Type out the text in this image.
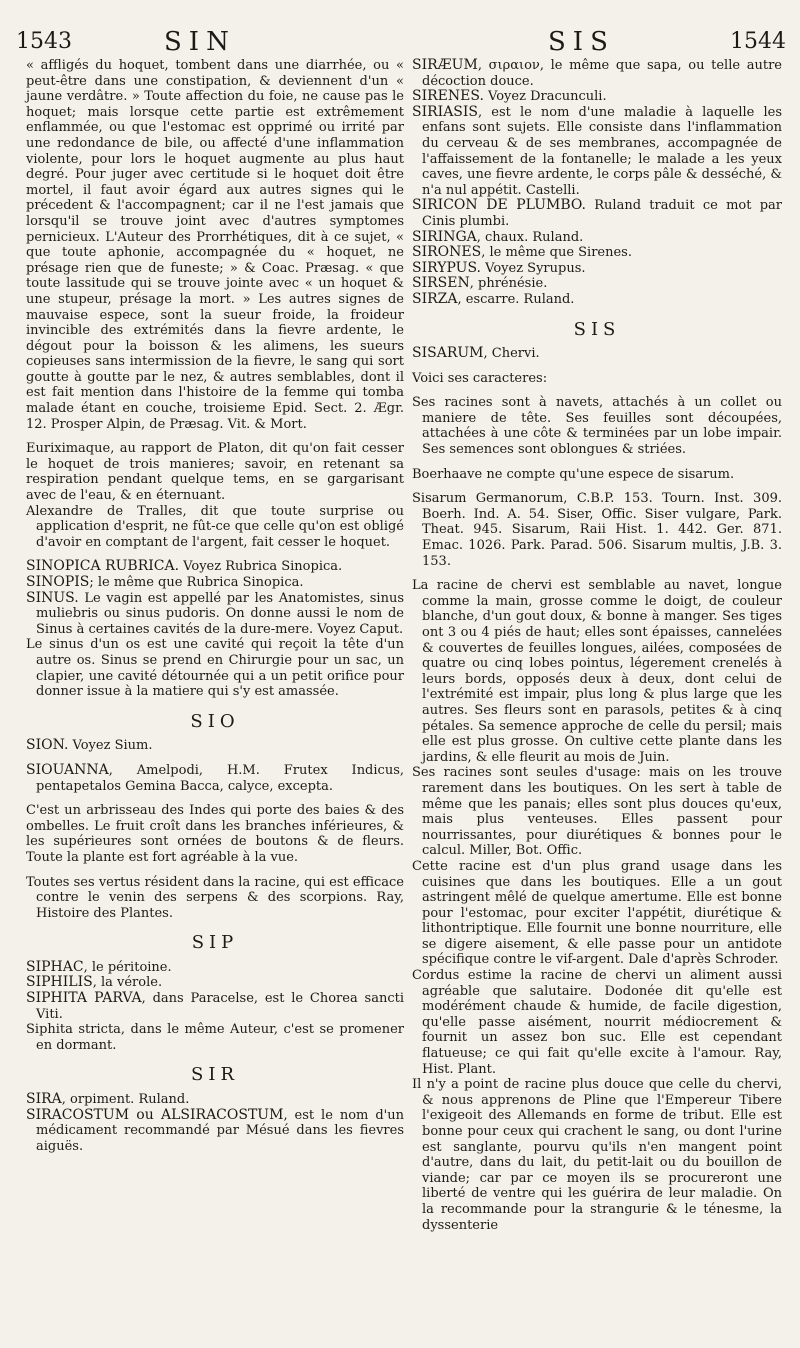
1543	SIN	SIS	1544

« affligés du hoquet, tombent dans une diarrhée, ou « peut-être dans une constipation, & deviennent d'un « jaune verdâtre. » Toute affection du foie, ne cause pas le hoquet; mais lorsque cette partie est extrêmement enflammée, ou que l'estomac est opprimé ou irrité par une redondance de bile, ou affecté d'une inflammation violente, pour lors le hoquet augmente au plus haut degré. Pour juger avec certitude si le hoquet doit être mortel, il faut avoir égard aux autres signes qui le précedent & l'accompagnent; car il ne l'est jamais que lorsqu'il se trouve joint avec d'autres symptomes pernicieux. L'Auteur des Prorrhétiques, dit à ce sujet, « que toute aphonie, accompagnée du « hoquet, ne présage rien que de funeste; » & Coac. Præsag. « que toute lassitude qui se trouve jointe avec « un hoquet & une stupeur, présage la mort. » Les autres signes de mauvaise espece, sont la sueur froide, la froideur invincible des extrémités dans la fievre ardente, le dégout pour la boisson & les alimens, les sueurs copieuses sans intermission de la fievre, le sang qui sort goutte à goutte par le nez, & autres semblables, dont il est fait mention dans l'histoire de la femme qui tomba malade étant en couche, troisieme Epid. Sect. 2. Ægr. 12. Prosper Alpin, de Præsag. Vit. & Mort.

Euriximaque, au rapport de Platon, dit qu'on fait cesser le hoquet de trois manieres; savoir, en retenant sa respiration pendant quelque tems, en se gargarisant avec de l'eau, & en éternuant.

Alexandre de Tralles, dit que toute surprise ou application d'esprit, ne fût-ce que celle qu'on est obligé d'avoir en comptant de l'argent, fait cesser le hoquet.

SINOPICA RUBRICA. Voyez Rubrica Sinopica.

SINOPIS; le même que Rubrica Sinopica.

SINUS. Le vagin est appellé par les Anatomistes, sinus muliebris ou sinus pudoris. On donne aussi le nom de Sinus à certaines cavités de la dure-mere. Voyez Caput.

Le sinus d'un os est une cavité qui reçoit la tête d'un autre os. Sinus se prend en Chirurgie pour un sac, un clapier, une cavité détournée qui a un petit orifice pour donner issue à la matiere qui s'y est amassée.

SIO

SION. Voyez Sium.

SIOUANNA, Amelpodi, H.M. Frutex Indicus, pentapetalos Gemina Bacca, calyce, excepta.

C'est un arbrisseau des Indes qui porte des baies & des ombelles. Le fruit croît dans les branches inférieures, & les supérieures sont ornées de boutons & de fleurs. Toute la plante est fort agréable à la vue.

Toutes ses vertus résident dans la racine, qui est efficace contre le venin des serpens & des scorpions. Ray, Histoire des Plantes.

SIP

SIPHAC, le péritoine.

SIPHILIS, la vérole.

SIPHITA PARVA, dans Paracelse, est le Chorea sancti Viti.

Siphita stricta, dans le même Auteur, c'est se promener en dormant.

SIR

SIRA, orpiment. Ruland.

SIRACOSTUM ou ALSIRACOSTUM, est le nom d'un médicament recommandé par Mésué dans les fievres aiguës.

SIRÆUM, σιραιον, le même que sapa, ou telle autre décoction douce.

SIRENES. Voyez Dracunculi.

SIRIASIS, est le nom d'une maladie à laquelle les enfans sont sujets. Elle consiste dans l'inflammation du cerveau & de ses membranes, accompagnée de l'affaissement de la fontanelle; le malade a les yeux caves, une fievre ardente, le corps pâle & desséché, & n'a nul appétit. Castelli.

SIRICON DE PLUMBO. Ruland traduit ce mot par Cinis plumbi.

SIRINGA, chaux. Ruland.

SIRONES, le même que Sirenes.

SIRYPUS. Voyez Syrupus.

SIRSEN, phrénésie.

SIRZA, escarre. Ruland.

SIS

SISARUM, Chervi.

Voici ses caracteres:

Ses racines sont à navets, attachés à un collet ou maniere de tête. Ses feuilles sont découpées, attachées à une côte & terminées par un lobe impair. Ses semences sont oblongues & striées.

Boerhaave ne compte qu'une espece de sisarum.

Sisarum Germanorum, C.B.P. 153. Tourn. Inst. 309. Boerh. Ind. A. 54. Siser, Offic. Siser vulgare, Park. Theat. 945. Sisarum, Raii Hist. 1. 442. Ger. 871. Emac. 1026. Park. Parad. 506. Sisarum multis, J.B. 3. 153.

La racine de chervi est semblable au navet, longue comme la main, grosse comme le doigt, de couleur blanche, d'un gout doux, & bonne à manger. Ses tiges ont 3 ou 4 piés de haut; elles sont épaisses, cannelées & couvertes de feuilles longues, ailées, composées de quatre ou cinq lobes pointus, légerement crenelés à leurs bords, opposés deux à deux, dont celui de l'extrémité est impair, plus long & plus large que les autres. Ses fleurs sont en parasols, petites & à cinq pétales. Sa semence approche de celle du persil; mais elle est plus grosse. On cultive cette plante dans les jardins, & elle fleurit au mois de Juin.

Ses racines sont seules d'usage: mais on les trouve rarement dans les boutiques. On les sert à table de même que les panais; elles sont plus douces qu'eux, mais plus venteuses. Elles passent pour nourrissantes, pour diurétiques & bonnes pour le calcul. Miller, Bot. Offic.

Cette racine est d'un plus grand usage dans les cuisines que dans les boutiques. Elle a un gout astringent mêlé de quelque amertume. Elle est bonne pour l'estomac, pour exciter l'appétit, diurétique & lithontriptique. Elle fournit une bonne nourriture, elle se digere aisement, & elle passe pour un antidote spécifique contre le vif-argent. Dale d'après Schroder.

Cordus estime la racine de chervi un aliment aussi agréable que salutaire. Dodonée dit qu'elle est modérément chaude & humide, de facile digestion, qu'elle passe aisément, nourrit médiocrement & fournit un assez bon suc. Elle est cependant flatueuse; ce qui fait qu'elle excite à l'amour. Ray, Hist. Plant.

Il n'y a point de racine plus douce que celle du chervi, & nous apprenons de Pline que l'Empereur Tibere l'exigeoit des Allemands en forme de tribut. Elle est bonne pour ceux qui crachent le sang, ou dont l'urine est sanglante, pourvu qu'ils n'en mangent point d'autre, dans du lait, du petit-lait ou du bouillon de viande; car par ce moyen ils se procureront une liberté de ventre qui les guérira de leur maladie. On la recommande pour la strangurie & le ténesme, la dyssenterie
